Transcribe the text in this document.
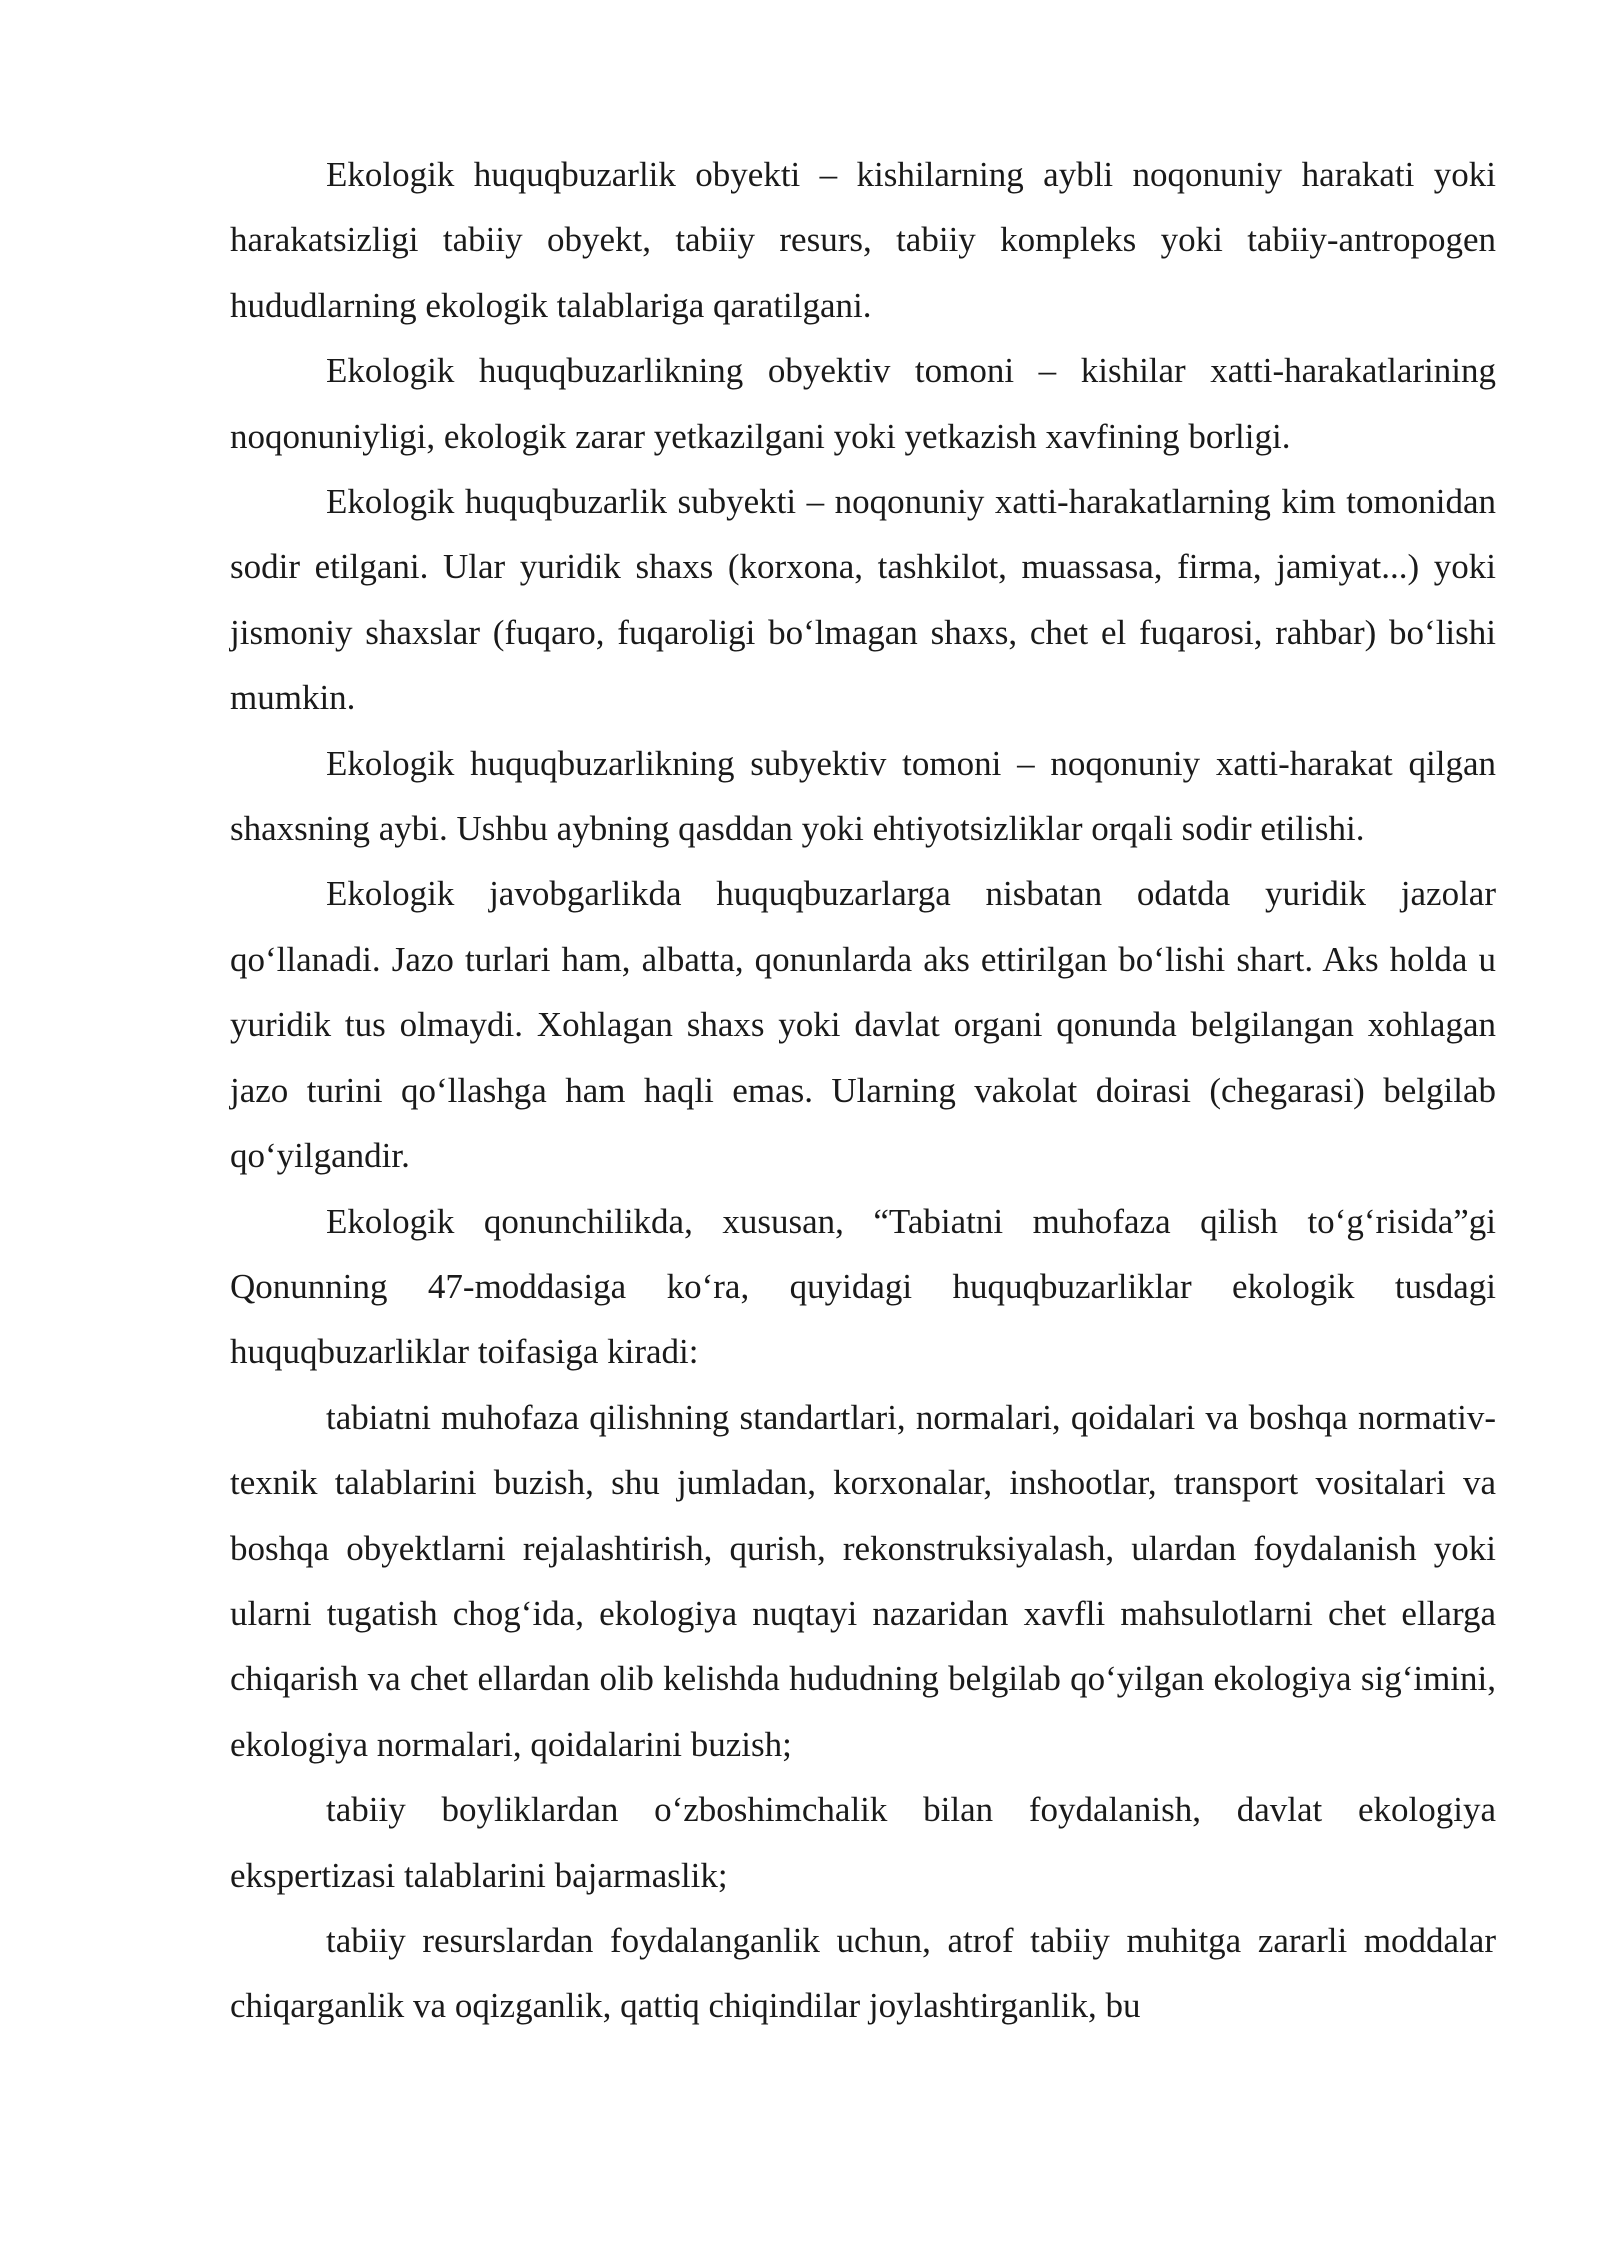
Ekologik huquqbuzarlik obyekti – kishilarning aybli noqonuniy harakati yoki harakatsizligi tabiiy obyekt, tabiiy resurs, tabiiy kompleks yoki tabiiy-antropogen hududlarning ekologik talablariga qaratilgani.

Ekologik huquqbuzarlikning obyektiv tomoni – kishilar xatti-harakatlarining noqonuniyligi, ekologik zarar yetkazilgani yoki yetkazish xavfining borligi.

Ekologik huquqbuzarlik subyekti – noqonuniy xatti-harakatlarning kim tomonidan sodir etilgani. Ular yuridik shaxs (korxona, tashkilot, muassasa, firma, jamiyat...) yoki jismoniy shaxslar (fuqaro, fuqaroligi bo‘lmagan shaxs, chet el fuqarosi, rahbar) bo‘lishi mumkin.

Ekologik huquqbuzarlikning subyektiv tomoni – noqonuniy xatti-harakat qilgan shaxsning aybi. Ushbu aybning qasddan yoki ehtiyotsizliklar orqali sodir etilishi.

Ekologik javobgarlikda huquqbuzarlarga nisbatan odatda yuridik jazolar qo‘llanadi. Jazo turlari ham, albatta, qonunlarda aks ettirilgan bo‘lishi shart. Aks holda u yuridik tus olmaydi. Xohlagan shaxs yoki davlat organi qonunda belgilangan xohlagan jazo turini qo‘llashga ham haqli emas. Ularning vakolat doirasi (chegarasi) belgilab qo‘yilgandir.

Ekologik qonunchilikda, xususan, “Tabiatni muhofaza qilish to‘g‘risida”gi Qonunning 47-moddasiga ko‘ra, quyidagi huquqbuzarliklar ekologik tusdagi huquqbuzarliklar toifasiga kiradi:

tabiatni muhofaza qilishning standartlari, normalari, qoidalari va boshqa normativ-texnik talablarini buzish, shu jumladan, korxonalar, inshootlar, transport vositalari va boshqa obyektlarni rejalashtirish, qurish, rekonstruksiyalash, ulardan foydalanish yoki ularni tugatish chog‘ida, ekologiya nuqtayi nazaridan xavfli mahsulotlarni chet ellarga chiqarish va chet ellardan olib kelishda hududning belgilab qo‘yilgan ekologiya sig‘imini, ekologiya normalari, qoidalarini buzish;

tabiiy boyliklardan o‘zboshimchalik bilan foydalanish, davlat ekologiya ekspertizasi talablarini bajarmaslik;

tabiiy resurslardan foydalanganlik uchun, atrof tabiiy muhitga zararli moddalar chiqarganlik va oqizganlik, qattiq chiqindilar joylashtirganlik, bu
